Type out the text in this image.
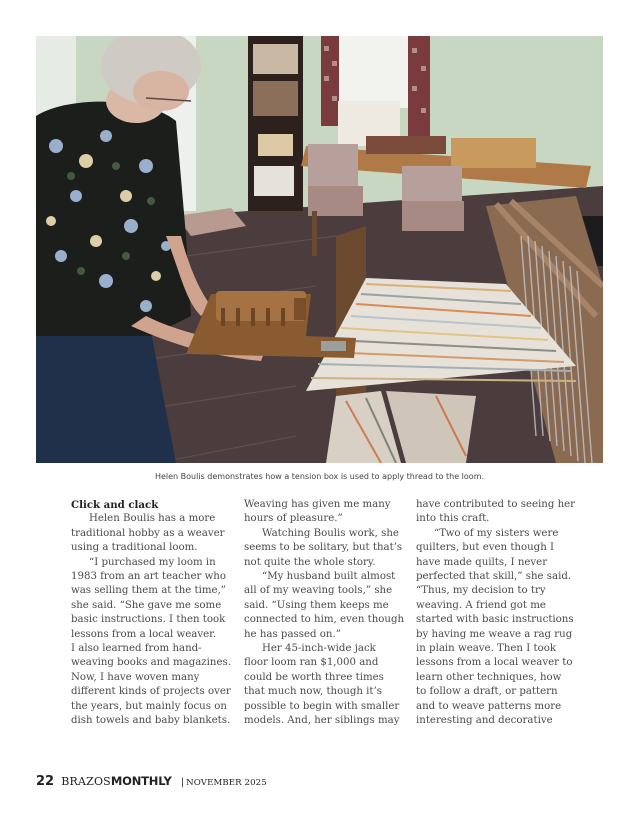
Helen Boulis demonstrates how a tension box is used to apply thread to the loom.
Click and clack
Helen Boulis has a more
traditional hobby as a weaver
using a traditional loom.
“I purchased my loom in
1983 from an art teacher who
was selling them at the time,”
she said. “She gave me some
basic instructions. I then took
lessons from a local weaver.
I also learned from hand-
weaving books and magazines.
Now, I have woven many
different kinds of projects over
the years, but mainly focus on
dish towels and baby blankets.
Weaving has given me many
hours of pleasure.”
Watching Boulis work, she
seems to be solitary, but that’s
not quite the whole story.
“My husband built almost
all of my weaving tools,” she
said. “Using them keeps me
connected to him, even though
he has passed on.”
Her 45-inch-wide jack
floor loom ran $1,000 and
could be worth three times
that much now, though it’s
possible to begin with smaller
models. And, her siblings may
have contributed to seeing her
into this craft.
“Two of my sisters were
quilters, but even though I
have made quilts, I never
perfected that skill,” she said.
“Thus, my decision to try
weaving. A friend got me
started with basic instructions
by having me weave a rag rug
in plain weave. Then I took
lessons from a local weaver to
learn other techniques, how
to follow a draft, or pattern
and to weave patterns more
interesting and decorative
22 BRAZOSMONTHLY | NOVEMBER 2025
